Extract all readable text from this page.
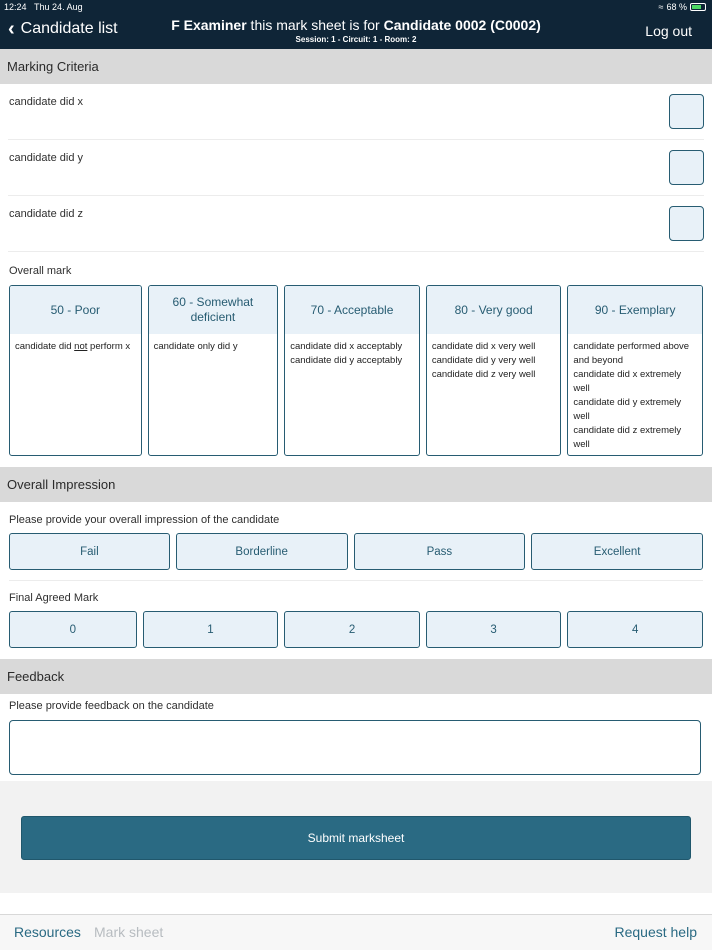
12:24 Thu 24. Aug	≈ 68 %
‹ Candidate list	F Examiner this mark sheet is for Candidate 0002 (C0002)
Session: 1 - Circuit: 1 - Room: 2
Log out
Marking Criteria
candidate did x
candidate did y
candidate did z
Overall mark
50 - Poor
candidate did not perform x
60 - Somewhat deficient

candidate only did y

70 - Acceptable

candidate did x acceptably

candidate did y acceptably

80 - Very good

candidate did x very well

candidate did y very well

candidate did z very well

90 - Exemplary

candidate performed above and beyond

candidate did x extremely well

candidate did y extremely well

candidate did z extremely well

Overall Impression
Please provide your overall impression of the candidate
Fail	Borderline	Pass	Excellent
Final Agreed Mark
0	1	2	3	4
Feedback
Please provide feedback on the candidate
Submit marksheet
Resources Mark sheet	Request help
